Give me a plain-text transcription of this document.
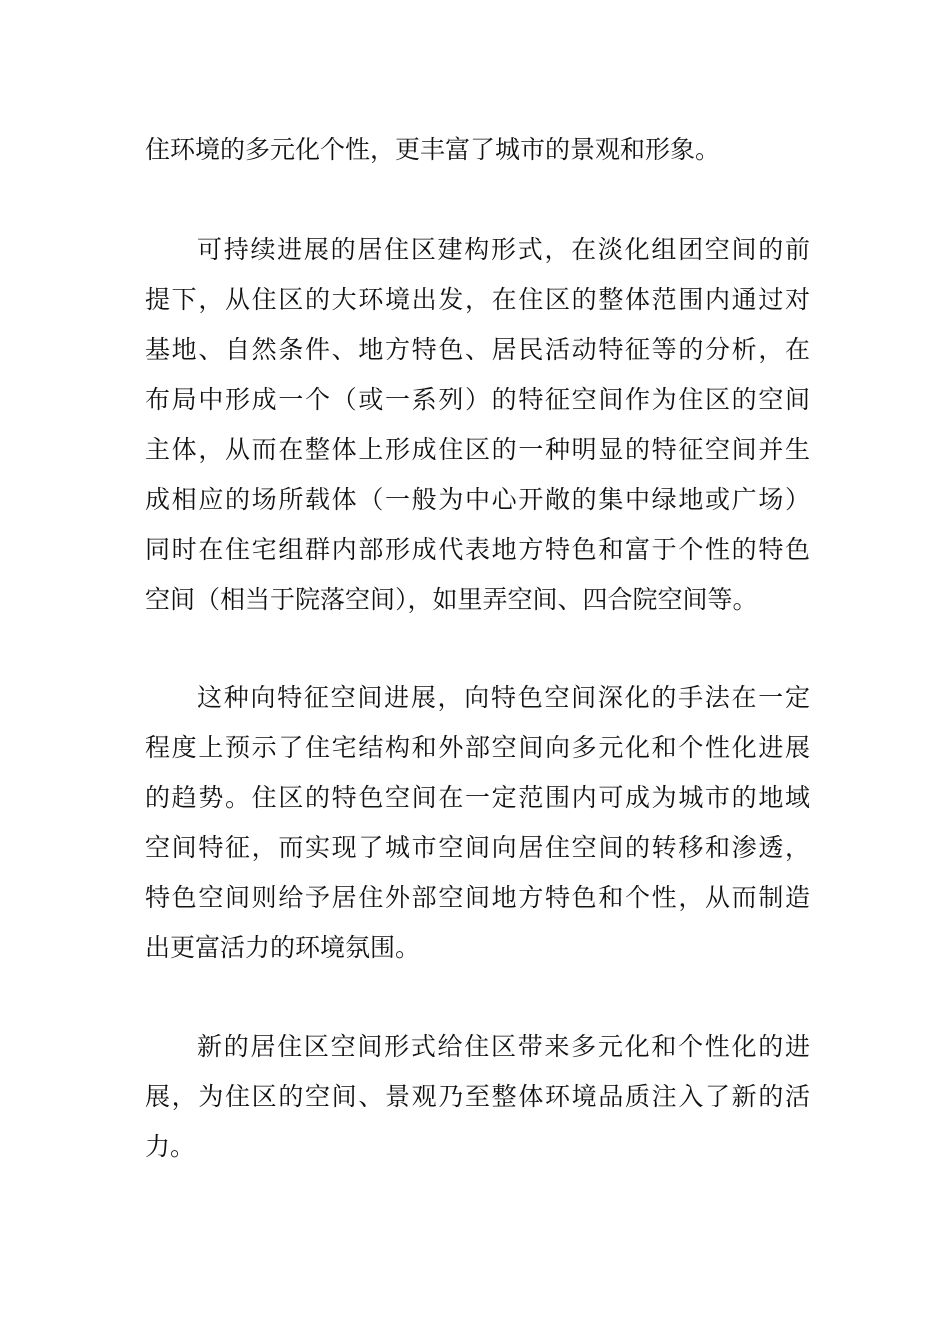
住环境的多元化个性，更丰富了城市的景观和形象。
可持续进展的居住区建构形式，在淡化组团空间的前
提下，从住区的大环境出发，在住区的整体范围内通过对
基地、自然条件、地方特色、居民活动特征等的分析，在
布局中形成一个（或一系列）的特征空间作为住区的空间
主体，从而在整体上形成住区的一种明显的特征空间并生
成相应的场所载体（一般为中心开敞的集中绿地或广场）
同时在住宅组群内部形成代表地方特色和富于个性的特色
空间（相当于院落空间），如里弄空间、四合院空间等。
这种向特征空间进展，向特色空间深化的手法在一定
程度上预示了住宅结构和外部空间向多元化和个性化进展
的趋势。住区的特色空间在一定范围内可成为城市的地域
空间特征，而实现了城市空间向居住空间的转移和渗透，
特色空间则给予居住外部空间地方特色和个性，从而制造
出更富活力的环境氛围。
新的居住区空间形式给住区带来多元化和个性化的进
展，为住区的空间、景观乃至整体环境品质注入了新的活
力。
